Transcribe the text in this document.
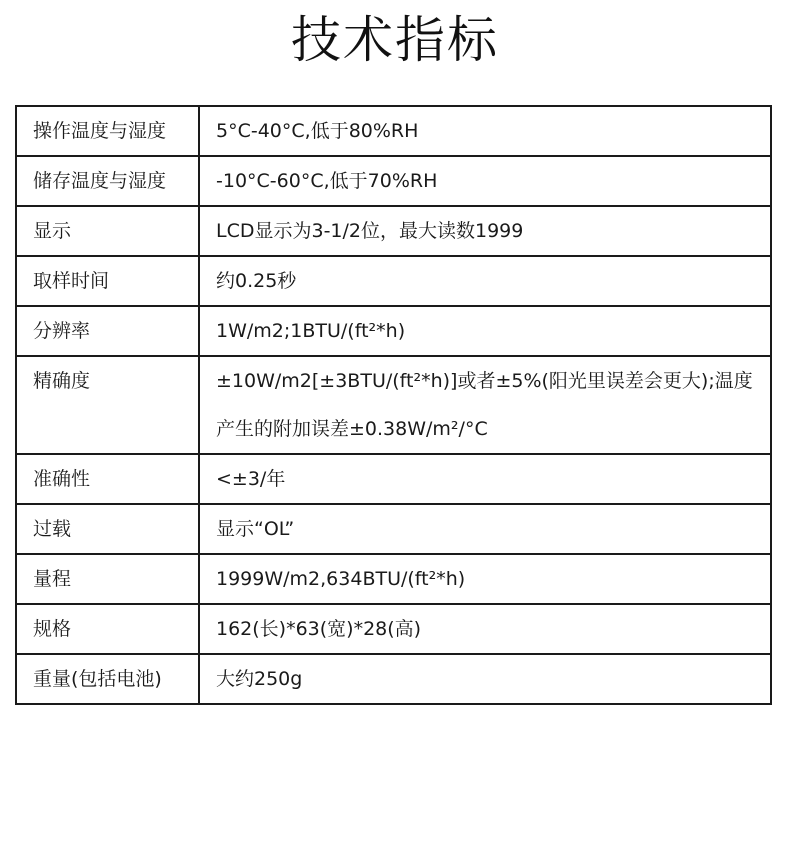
技术指标
操作温度与湿度	5°C-40°C,低于80%RH
储存温度与湿度	-10°C-60°C,低于70%RH
显示	LCD显示为3-1/2位，最大读数1999
取样时间	约0.25秒
分辨率	1W/m2;1BTU/(ft²*h)
精确度	±10W/m2[±3BTU/(ft²*h)]或者±5%(阳光里误差会更大);温度产生的附加误差±0.38W/m²/°C
准确性	<±3/年
过载	显示“OL”
量程	1999W/m2,634BTU/(ft²*h)
规格	162(长)*63(宽)*28(高)
重量(包括电池)	大约250g
